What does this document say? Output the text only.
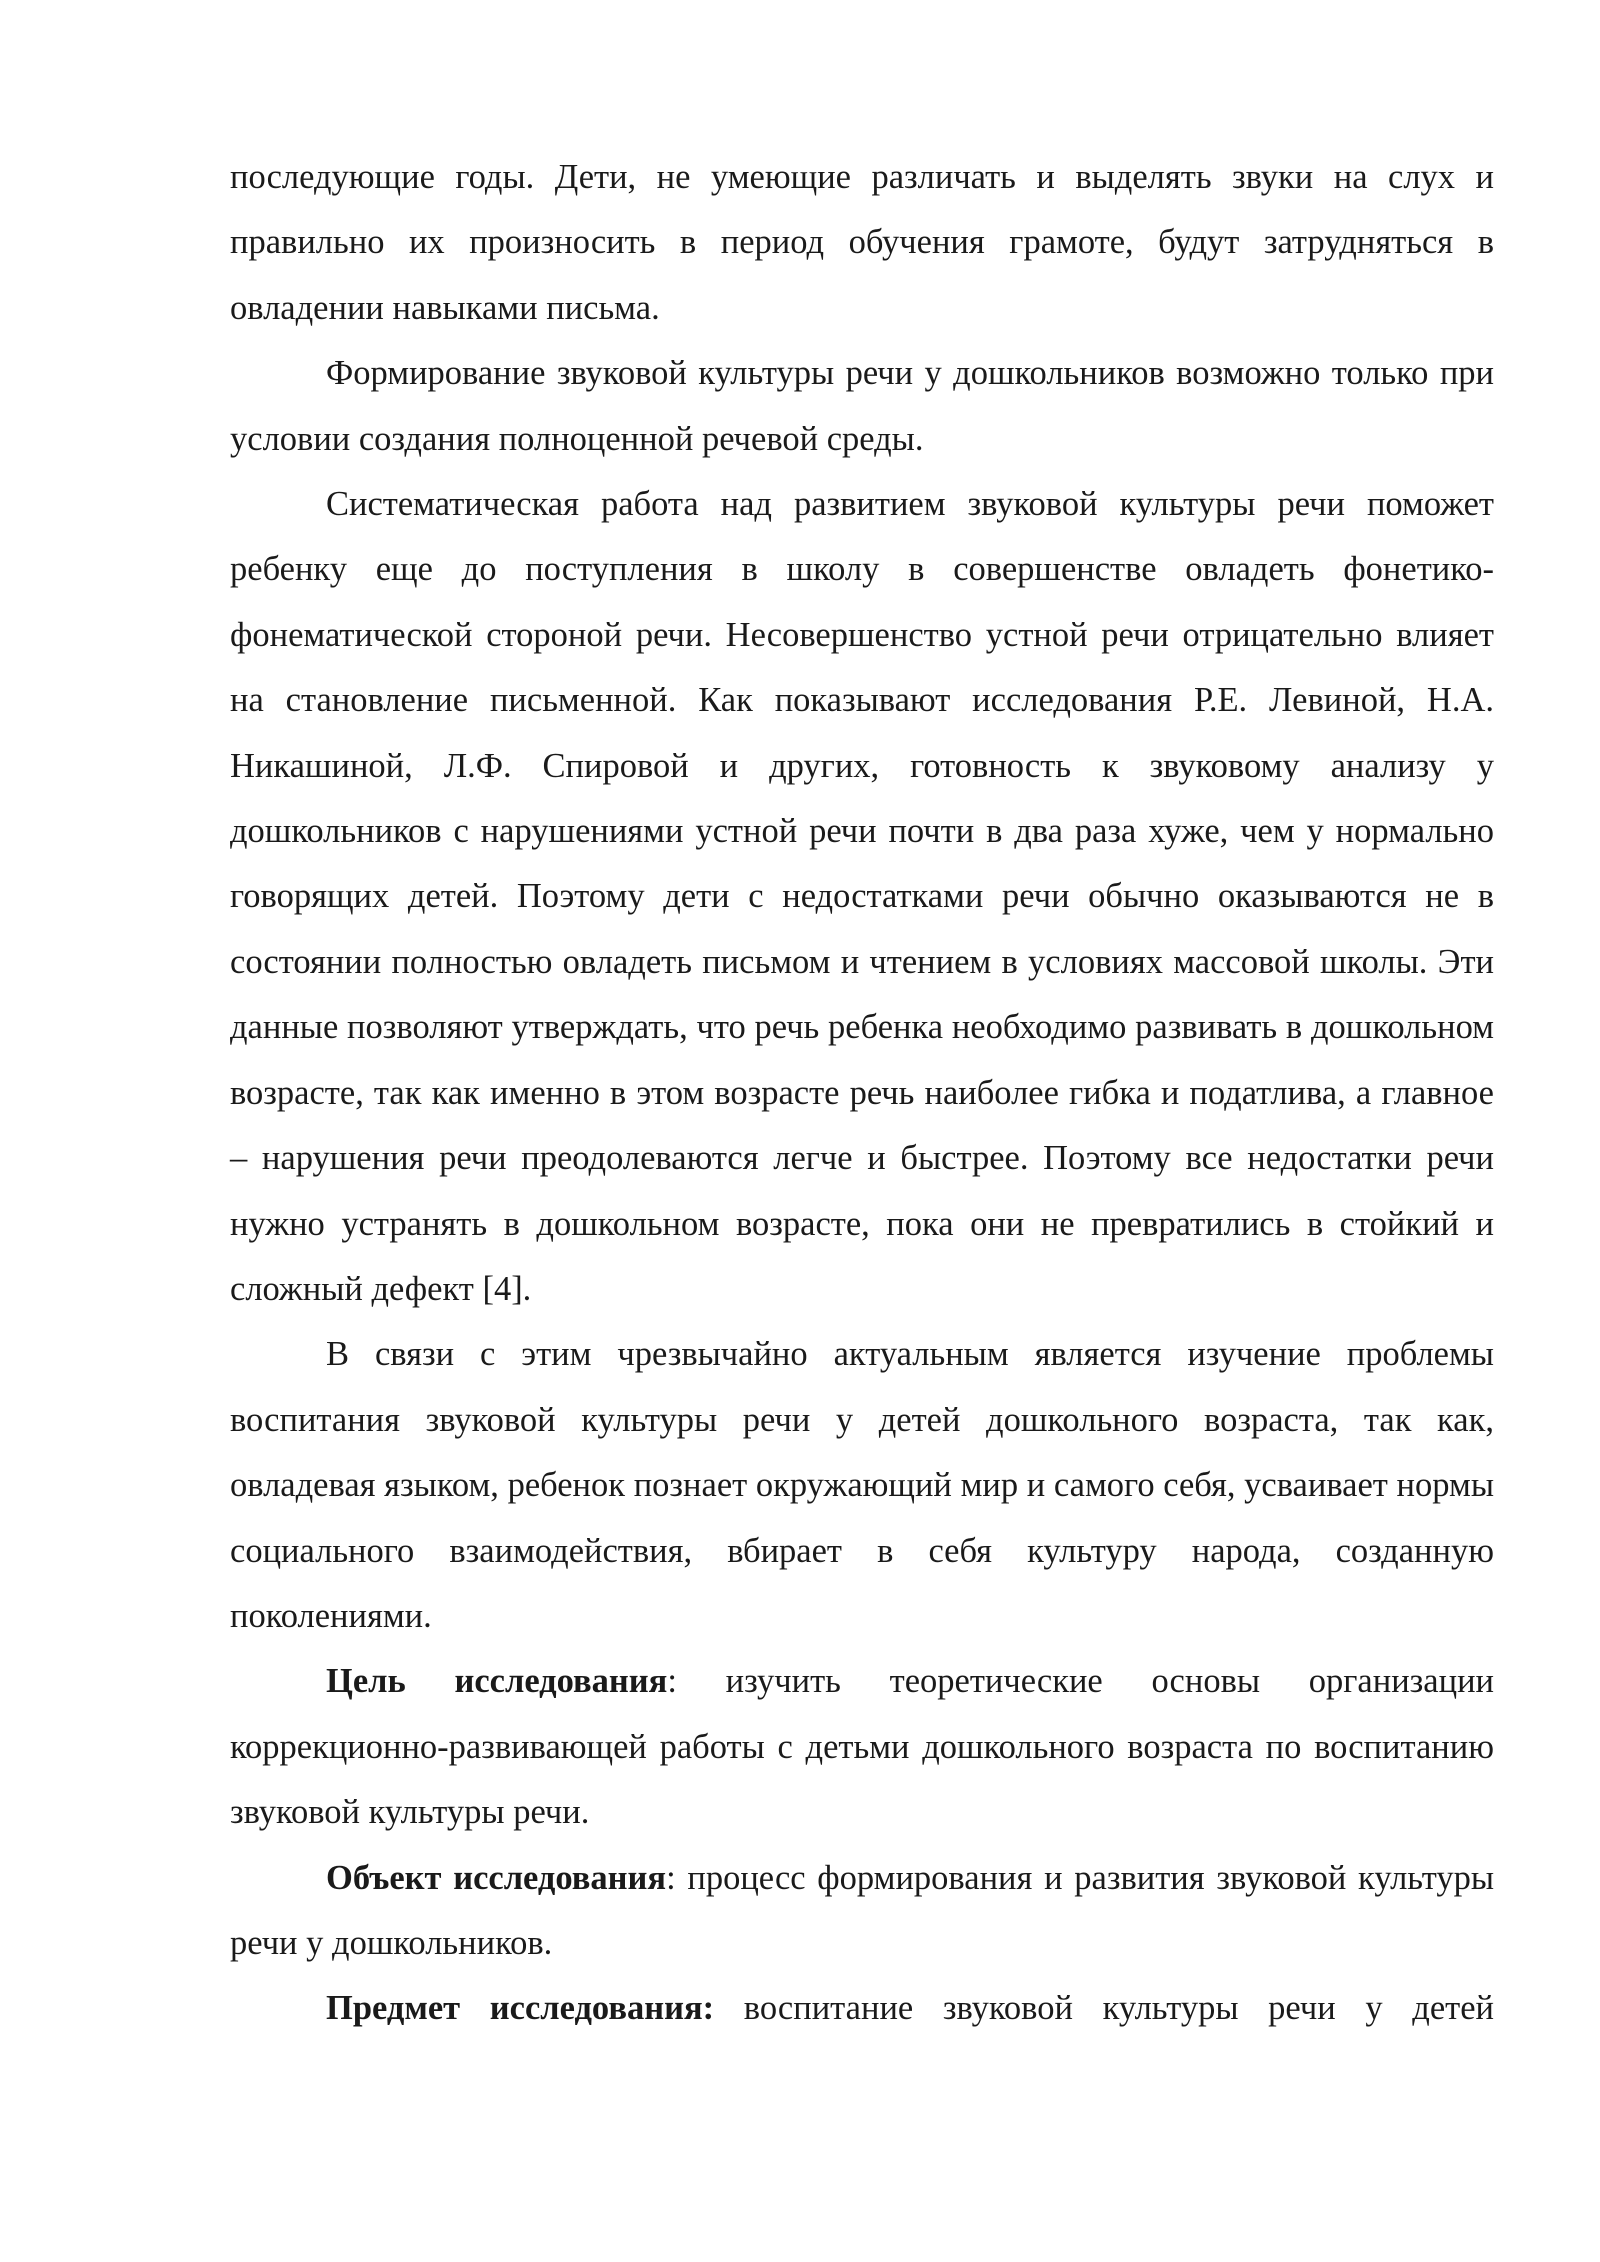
последующие годы. Дети, не умеющие различать и выделять звуки на слух и правильно их произносить в период обучения грамоте, будут затрудняться в овладении навыками письма.

Формирование звуковой культуры речи у дошкольников возможно только при условии создания полноценной речевой среды.

Систематическая работа над развитием звуковой культуры речи поможет ребенку еще до поступления в школу в совершенстве овладеть фонетико-фонематической стороной речи. Несовершенство устной речи отрицательно влияет на становление письменной. Как показывают исследования Р.Е. Левиной, Н.А. Никашиной, Л.Ф. Спировой и других, готовность к звуковому анализу у дошкольников с нарушениями устной речи почти в два раза хуже, чем у нормально говорящих детей. Поэтому дети с недостатками речи обычно оказываются не в состоянии полностью овладеть письмом и чтением в условиях массовой школы. Эти данные позволяют утверждать, что речь ребенка необходимо развивать в дошкольном возрасте, так как именно в этом возрасте речь наиболее гибка и податлива, а главное – нарушения речи преодолеваются легче и быстрее. Поэтому все недостатки речи нужно устранять в дошкольном возрасте, пока они не превратились в стойкий и сложный дефект [4].

В связи с этим чрезвычайно актуальным является изучение проблемы воспитания звуковой культуры речи у детей дошкольного возраста, так как, овладевая языком, ребенок познает окружающий мир и самого себя, усваивает нормы социального взаимодействия, вбирает в себя культуру народа, созданную поколениями.

Цель исследования: изучить теоретические основы организации коррекционно-развивающей работы с детьми дошкольного возраста по воспитанию звуковой культуры речи.

Объект исследования: процесс формирования и развития звуковой культуры речи у дошкольников.

Предмет исследования: воспитание звуковой культуры речи у детей
